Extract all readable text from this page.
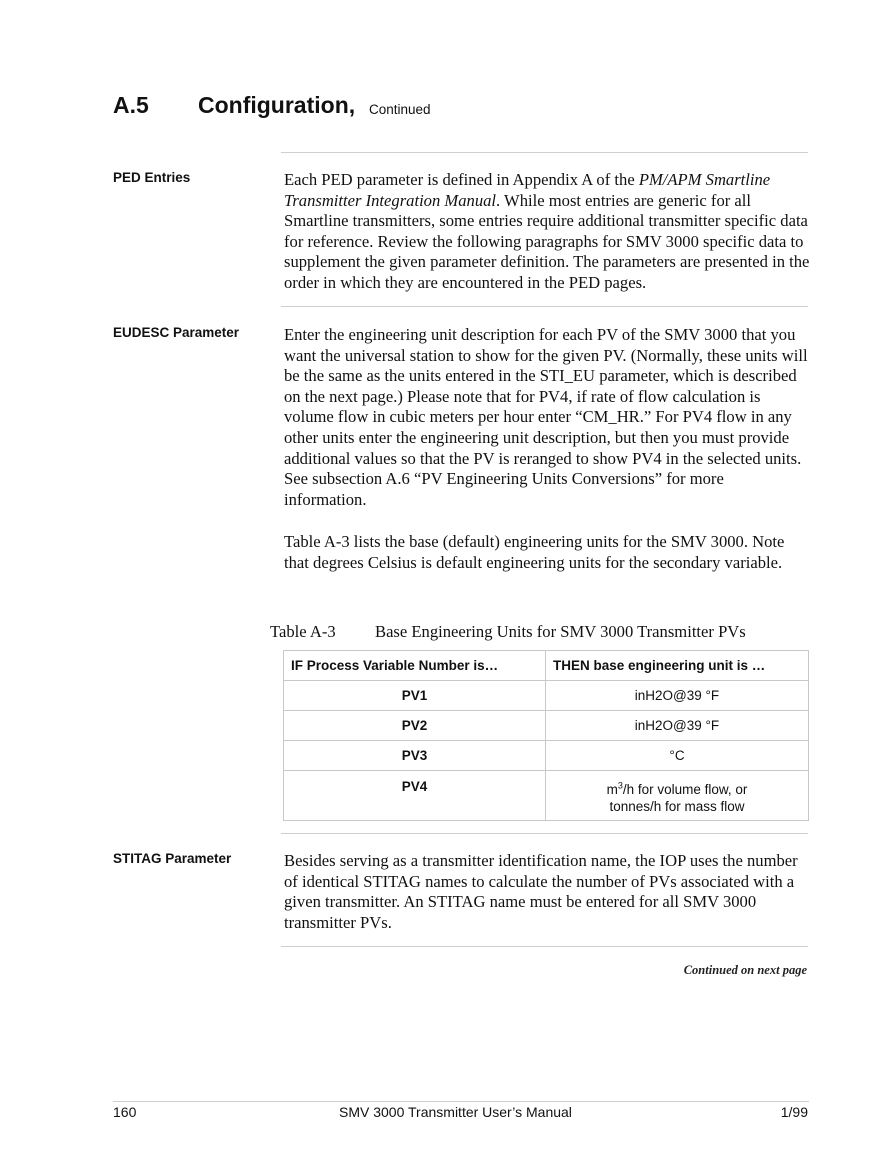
A.5 Configuration, Continued
PED Entries	Each PED parameter is defined in Appendix A of the PM/APM Smartline Transmitter Integration Manual. While most entries are generic for all Smartline transmitters, some entries require additional transmitter specific data for reference. Review the following paragraphs for SMV 3000 specific data to supplement the given parameter definition. The parameters are presented in the order in which they are encountered in the PED pages.
EUDESC Parameter	Enter the engineering unit description for each PV of the SMV 3000 that you want the universal station to show for the given PV. (Normally, these units will be the same as the units entered in the STI_EU parameter, which is described on the next page.) Please note that for PV4, if rate of flow calculation is volume flow in cubic meters per hour enter “CM_HR.” For PV4 flow in any other units enter the engineering unit description, but then you must provide additional values so that the PV is reranged to show PV4 in the selected units. See subsection A.6 “PV Engineering Units Conversions” for more information.
Table A-3 lists the base (default) engineering units for the SMV 3000. Note that degrees Celsius is default engineering units for the secondary variable.
Table A-3 Base Engineering Units for SMV 3000 Transmitter PVs
IF Process Variable Number is…	THEN base engineering unit is …
PV1	inH2O@39 °F
PV2	inH2O@39 °F
PV3	°C
PV4	$m^3/h$ for volume flow, or
tonnes/h for mass flow
STITAG Parameter	Besides serving as a transmitter identification name, the IOP uses the number of identical STITAG names to calculate the number of PVs associated with a given transmitter. An STITAG name must be entered for all SMV 3000 transmitter PVs.
Continued on next page
160	SMV 3000 Transmitter User’s Manual	1/99
